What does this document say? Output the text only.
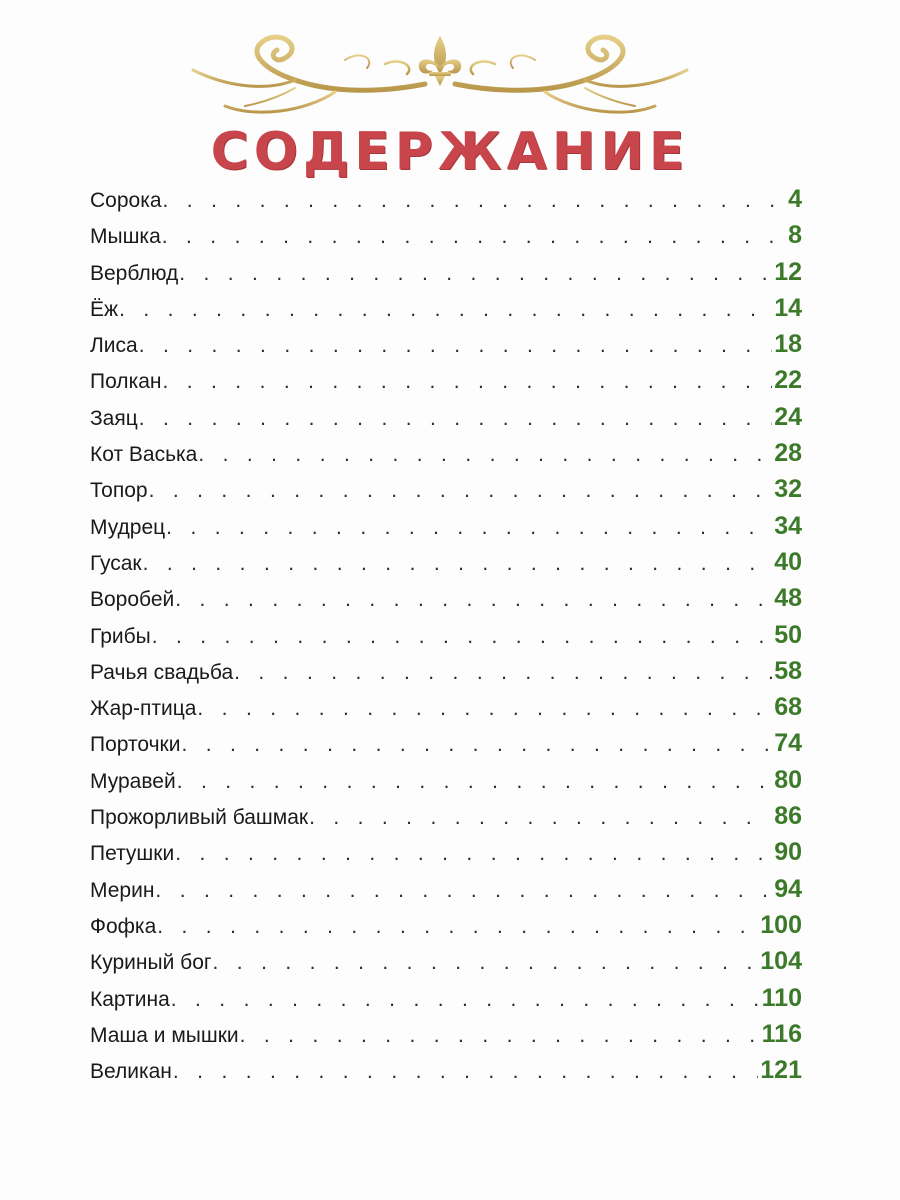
СОДЕРЖАНИЕ
Сорока . . .	4
Мышка . . .	8
Верблюд . . .	12
Ёж . . .	14
Лиса . . .	18
Полкан . . .	22
Заяц . . .	24
Кот Васька . . .	28
Топор . . .	32
Мудрец . . .	34
Гусак . . .	40
Воробей . . .	48
Грибы . . .	50
Рачья свадьба . . .	58
Жар-птица . . .	68
Порточки . . .	74
Муравей . . .	80
Прожорливый башмак . . .	86
Петушки . . .	90
Мерин . . .	94
Фофка . . .	100
Куриный бог . . .	104
Картина . . .	110
Маша и мышки . . .	116
Великан . . .	121
